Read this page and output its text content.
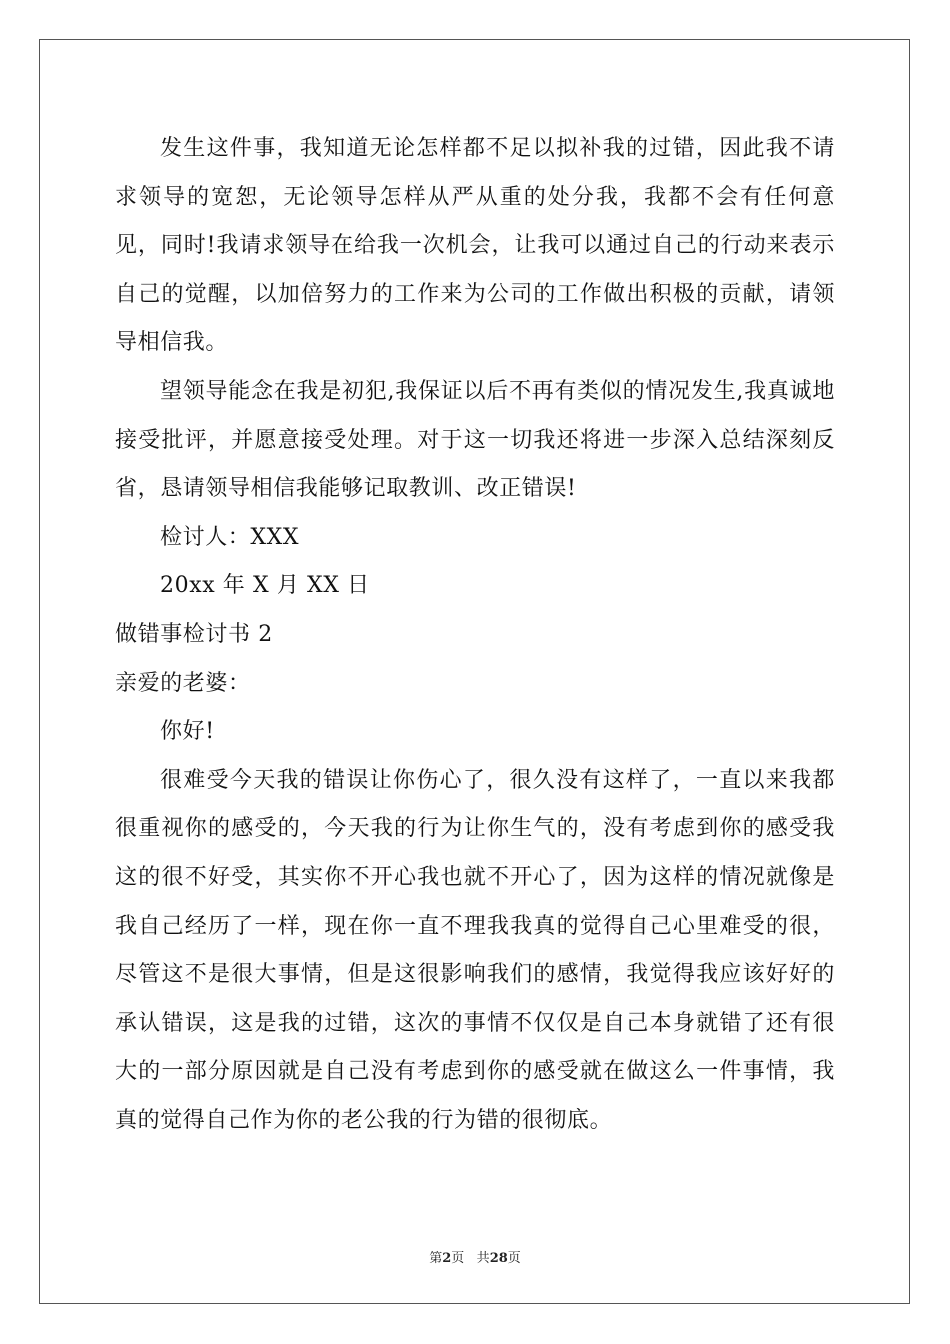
发生这件事，我知道无论怎样都不足以拟补我的过错，因此我不请求领导的宽恕，无论领导怎样从严从重的处分我，我都不会有任何意见，同时!我请求领导在给我一次机会，让我可以通过自己的行动来表示自己的觉醒，以加倍努力的工作来为公司的工作做出积极的贡献，请领导相信我。

望领导能念在我是初犯,我保证以后不再有类似的情况发生,我真诚地接受批评，并愿意接受处理。对于这一切我还将进一步深入总结深刻反省，恳请领导相信我能够记取教训、改正错误!

检讨人：XXX

20xx 年 X 月 XX 日

做错事检讨书 2

亲爱的老婆：

你好!

很难受今天我的错误让你伤心了，很久没有这样了，一直以来我都很重视你的感受的，今天我的行为让你生气的，没有考虑到你的感受我这的很不好受，其实你不开心我也就不开心了，因为这样的情况就像是我自己经历了一样，现在你一直不理我我真的觉得自己心里难受的很，尽管这不是很大事情，但是这很影响我们的感情，我觉得我应该好好的承认错误，这是我的过错，这次的事情不仅仅是自己本身就错了还有很大的一部分原因就是自己没有考虑到你的感受就在做这么一件事情，我真的觉得自己作为你的老公我的行为错的很彻底。

第2页 共28页
